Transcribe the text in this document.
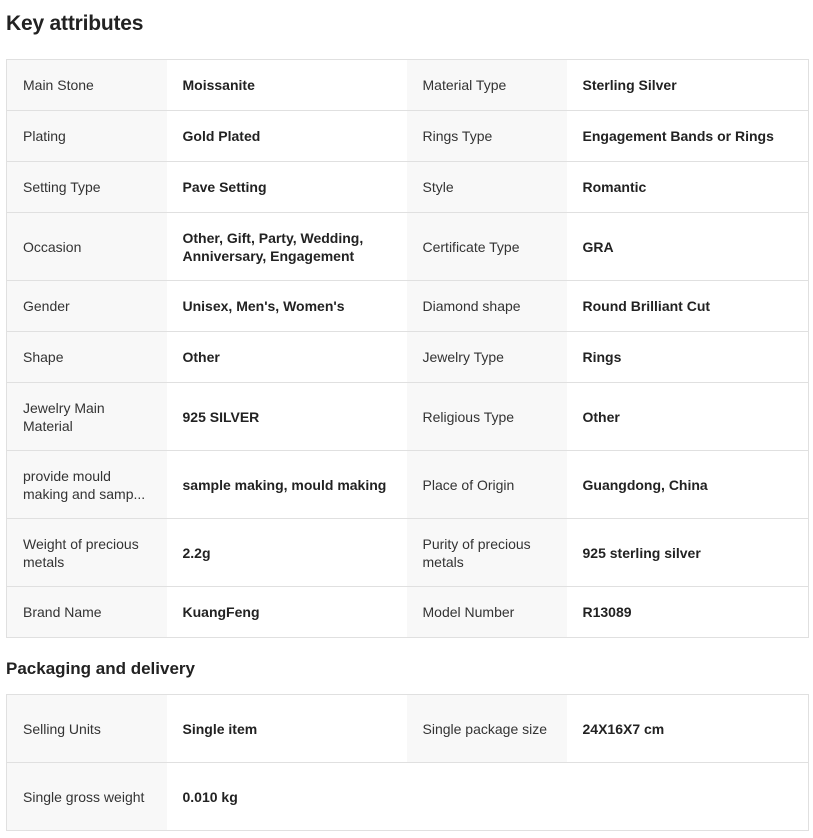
Key attributes
Main Stone	Moissanite	Material Type	Sterling Silver
Plating	Gold Plated	Rings Type	Engagement Bands or Rings
Setting Type	Pave Setting	Style	Romantic
Occasion	Other, Gift, Party, Wedding, Anniversary, Engagement	Certificate Type	GRA
Gender	Unisex, Men's, Women's	Diamond shape	Round Brilliant Cut
Shape	Other	Jewelry Type	Rings
Jewelry Main Material	925 SILVER	Religious Type	Other

provide mould making and samp...	sample making, mould making	Place of Origin	Guangdong, China
Weight of precious metals	2.2g	Purity of precious metals	925 sterling silver
Brand Name	KuangFeng	Model Number	R13089
Packaging and delivery
Selling Units	Single item	Single package size	24X16X7 cm
Single gross weight	0.010 kg		
